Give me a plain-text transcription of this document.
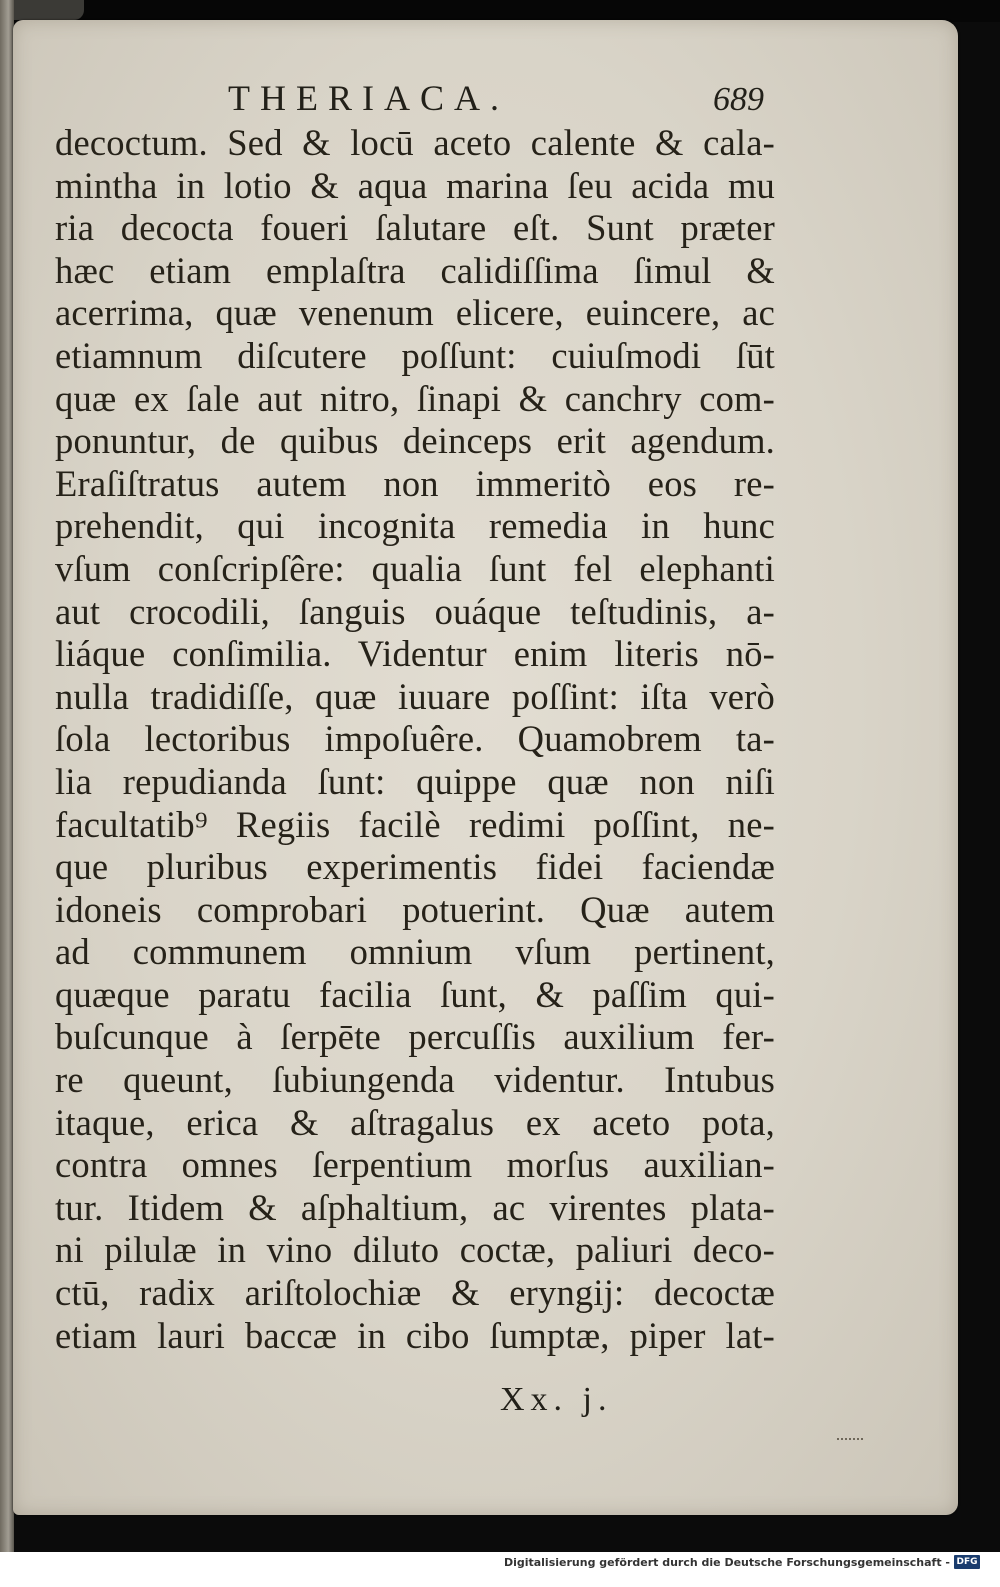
THERIACA.	689
decoctum. Sed & locū aceto calente & cala-
mintha in lotio & aqua marina ſeu acida mu
ria decocta foueri ſalutare eſt. Sunt præter
hæc etiam emplaſtra calidiſſima ſimul &
acerrima, quæ venenum elicere, euincere, ac
etiamnum diſcutere poſſunt: cuiuſmodi ſūt
quæ ex ſale aut nitro, ſinapi & canchry com-
ponuntur, de quibus deinceps erit agendum.
Eraſiſtratus autem non immeritò eos re-
prehendit, qui incognita remedia in hunc
vſum conſcripſêre: qualia ſunt fel elephanti
aut crocodili, ſanguis ouáque teſtudinis, a-
liáque conſimilia. Videntur enim literis nō-
nulla tradidiſſe, quæ iuuare poſſint: iſta verò
ſola lectoribus impoſuêre. Quamobrem ta-
lia repudianda ſunt: quippe quæ non niſi
facultatib⁹ Regiis facilè redimi poſſint, ne-
que pluribus experimentis fidei faciendæ
idoneis comprobari potuerint. Quæ autem
ad communem omnium vſum pertinent,
quæque paratu facilia ſunt, & paſſim qui-
buſcunque à ſerpēte percuſſis auxilium fer-
re queunt, ſubiungenda videntur. Intubus
itaque, erica & aſtragalus ex aceto pota,
contra omnes ſerpentium morſus auxilian-
tur. Itidem & aſphaltium, ac virentes plata-
ni pilulæ in vino diluto coctæ, paliuri deco-
ctū, radix ariſtolochiæ & eryngij: decoctæ
etiam lauri baccæ in cibo ſumptæ, piper lat-
Xx. j.
Digitalisierung gefördert durch die Deutsche Forschungsgemeinschaft - DFG
